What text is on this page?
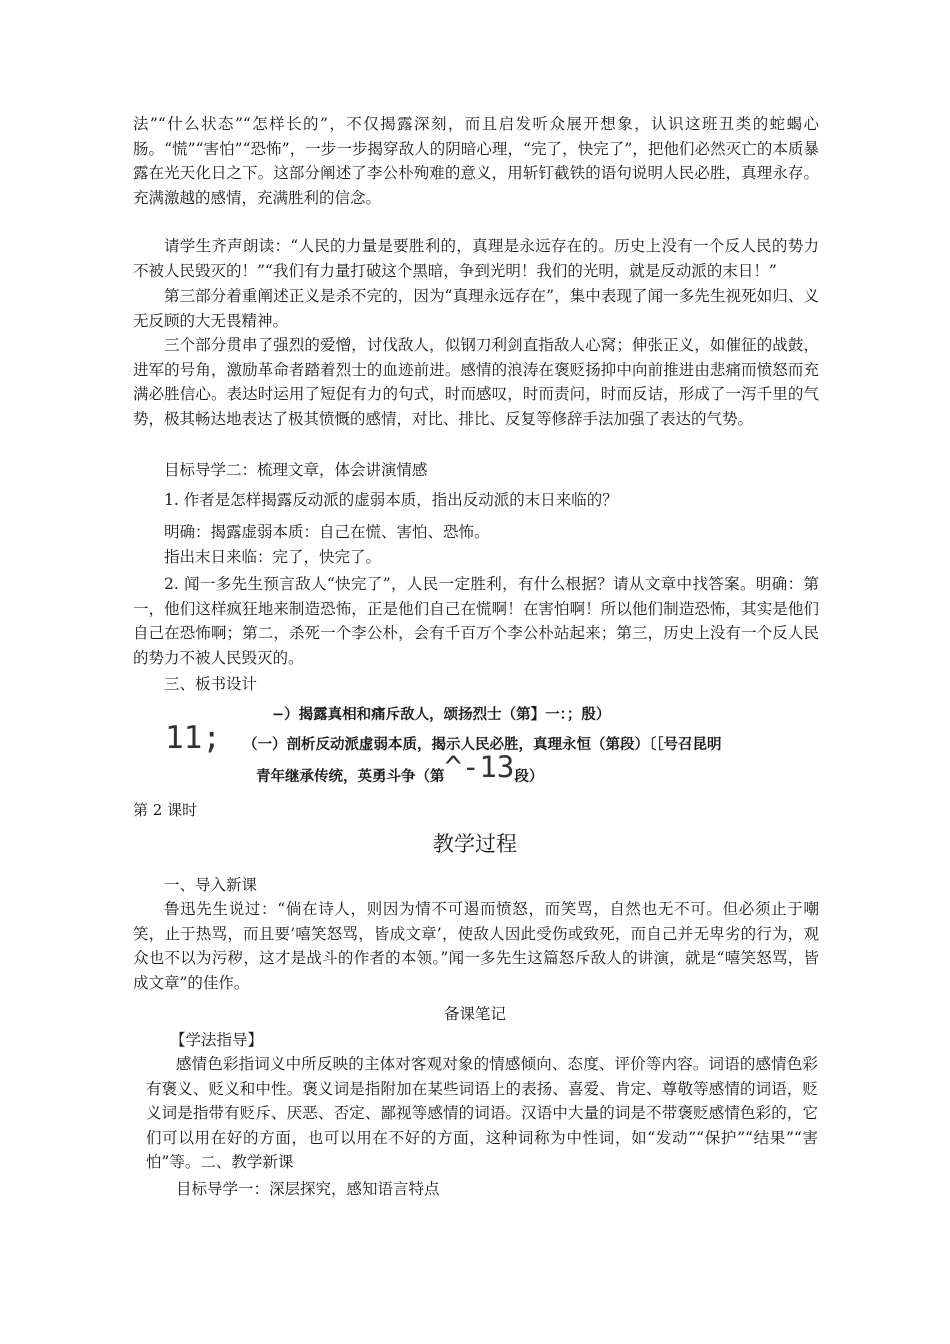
法”“什么状态”“怎样长的”，不仅揭露深刻，而且启发听众展开想象，认识这班丑类的蛇蝎心肠。“慌”“害怕”“恐怖”，一步一步揭穿敌人的阴暗心理，“完了，快完了”，把他们必然灭亡的本质暴露在光天化日之下。这部分阐述了李公朴殉难的意义，用斩钉截铁的语句说明人民必胜，真理永存。充满激越的感情，充满胜利的信念。

请学生齐声朗读：“人民的力量是要胜利的，真理是永远存在的。历史上没有一个反人民的势力不被人民毁灭的！”“我们有力量打破这个黑暗，争到光明！我们的光明，就是反动派的末日！”

第三部分着重阐述正义是杀不完的，因为“真理永远存在”，集中表现了闻一多先生视死如归、义无反顾的大无畏精神。

三个部分贯串了强烈的爱憎，讨伐敌人，似钢刀利剑直指敌人心窝；伸张正义，如催征的战鼓，进军的号角，激励革命者踏着烈士的血迹前进。感情的浪涛在褒贬扬抑中向前推进由悲痛而愤怒而充满必胜信心。表达时运用了短促有力的句式，时而感叹，时而责问，时而反诘，形成了一泻千里的气势，极其畅达地表达了极其愤慨的感情，对比、排比、反复等修辞手法加强了表达的气势。

目标导学二：梳理文章，体会讲演情感

1. 作者是怎样揭露反动派的虚弱本质，指出反动派的末日来临的？

明确：揭露虚弱本质：自己在慌、害怕、恐怖。

指出末日来临：完了，快完了。

2. 闻一多先生预言敌人“快完了”，人民一定胜利，有什么根据？请从文章中找答案。明确：第一，他们这样疯狂地来制造恐怖，正是他们自己在慌啊！在害怕啊！所以他们制造恐怖，其实是他们自己在恐怖啊；第二，杀死一个李公朴，会有千百万个李公朴站起来；第三，历史上没有一个反人民的势力不被人民毁灭的。

三、板书设计

−）揭露真相和痛斥敌人，颂扬烈士（第】一：；殷）
11; （一）剖析反动派虚弱本质，揭示人民必胜，真理永恒（第段）〔［号召昆明
青年继承传统，英勇斗争（第^-13段）

第 2 课时

教学过程

一、导入新课

鲁迅先生说过：“倘在诗人，则因为情不可遏而愤怒，而笑骂，自然也无不可。但必须止于嘲笑，止于热骂，而且要’嘻笑怒骂，皆成文章’，使敌人因此受伤或致死，而自己并无卑劣的行为，观众也不以为污秽，这才是战斗的作者的本领。”闻一多先生这篇怒斥敌人的讲演，就是“嘻笑怒骂，皆成文章”的佳作。

备课笔记

【学法指导】

感情色彩指词义中所反映的主体对客观对象的情感倾向、态度、评价等内容。词语的感情色彩有褒义、贬义和中性。褒义词是指附加在某些词语上的表扬、喜爱、肯定、尊敬等感情的词语，贬义词是指带有贬斥、厌恶、否定、鄙视等感情的词语。汉语中大量的词是不带褒贬感情色彩的，它们可以用在好的方面，也可以用在不好的方面，这种词称为中性词，如“发动”“保护”“结果”“害怕”等。二、教学新课

目标导学一：深层探究，感知语言特点
